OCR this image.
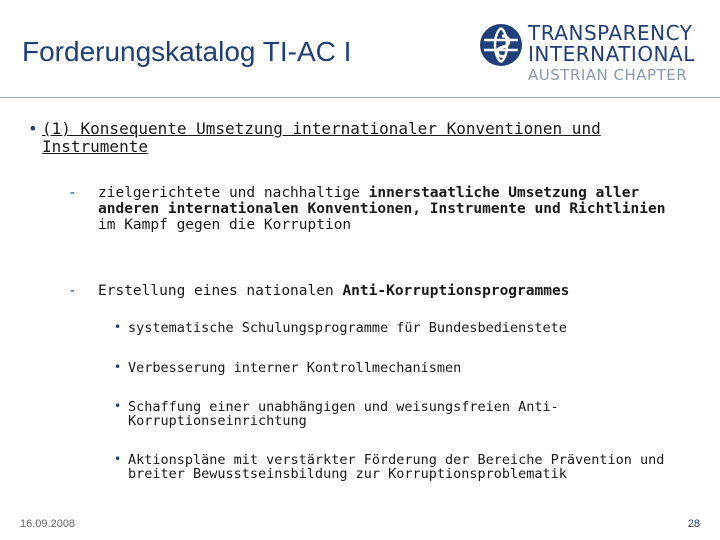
Forderungskatalog TI-AC I
TRANSPARENCY
INTERNATIONAL
AUSTRIAN CHAPTER
• (1) Konsequente Umsetzung internationaler Konventionen und Instrumente
- zielgerichtete und nachhaltige innerstaatliche Umsetzung aller anderen internationalen Konventionen, Instrumente und Richtlinien im Kampf gegen die Korruption
- Erstellung eines nationalen Anti-Korruptionsprogrammes
• systematische Schulungsprogramme für Bundesbedienstete
• Verbesserung interner Kontrollmechanismen
• Schaffung einer unabhängigen und weisungsfreien Anti-Korruptionseinrichtung
• Aktionspläne mit verstärkter Förderung der Bereiche Prävention und breiter Bewusstseinsbildung zur Korruptionsproblematik
16.09.2008	28
